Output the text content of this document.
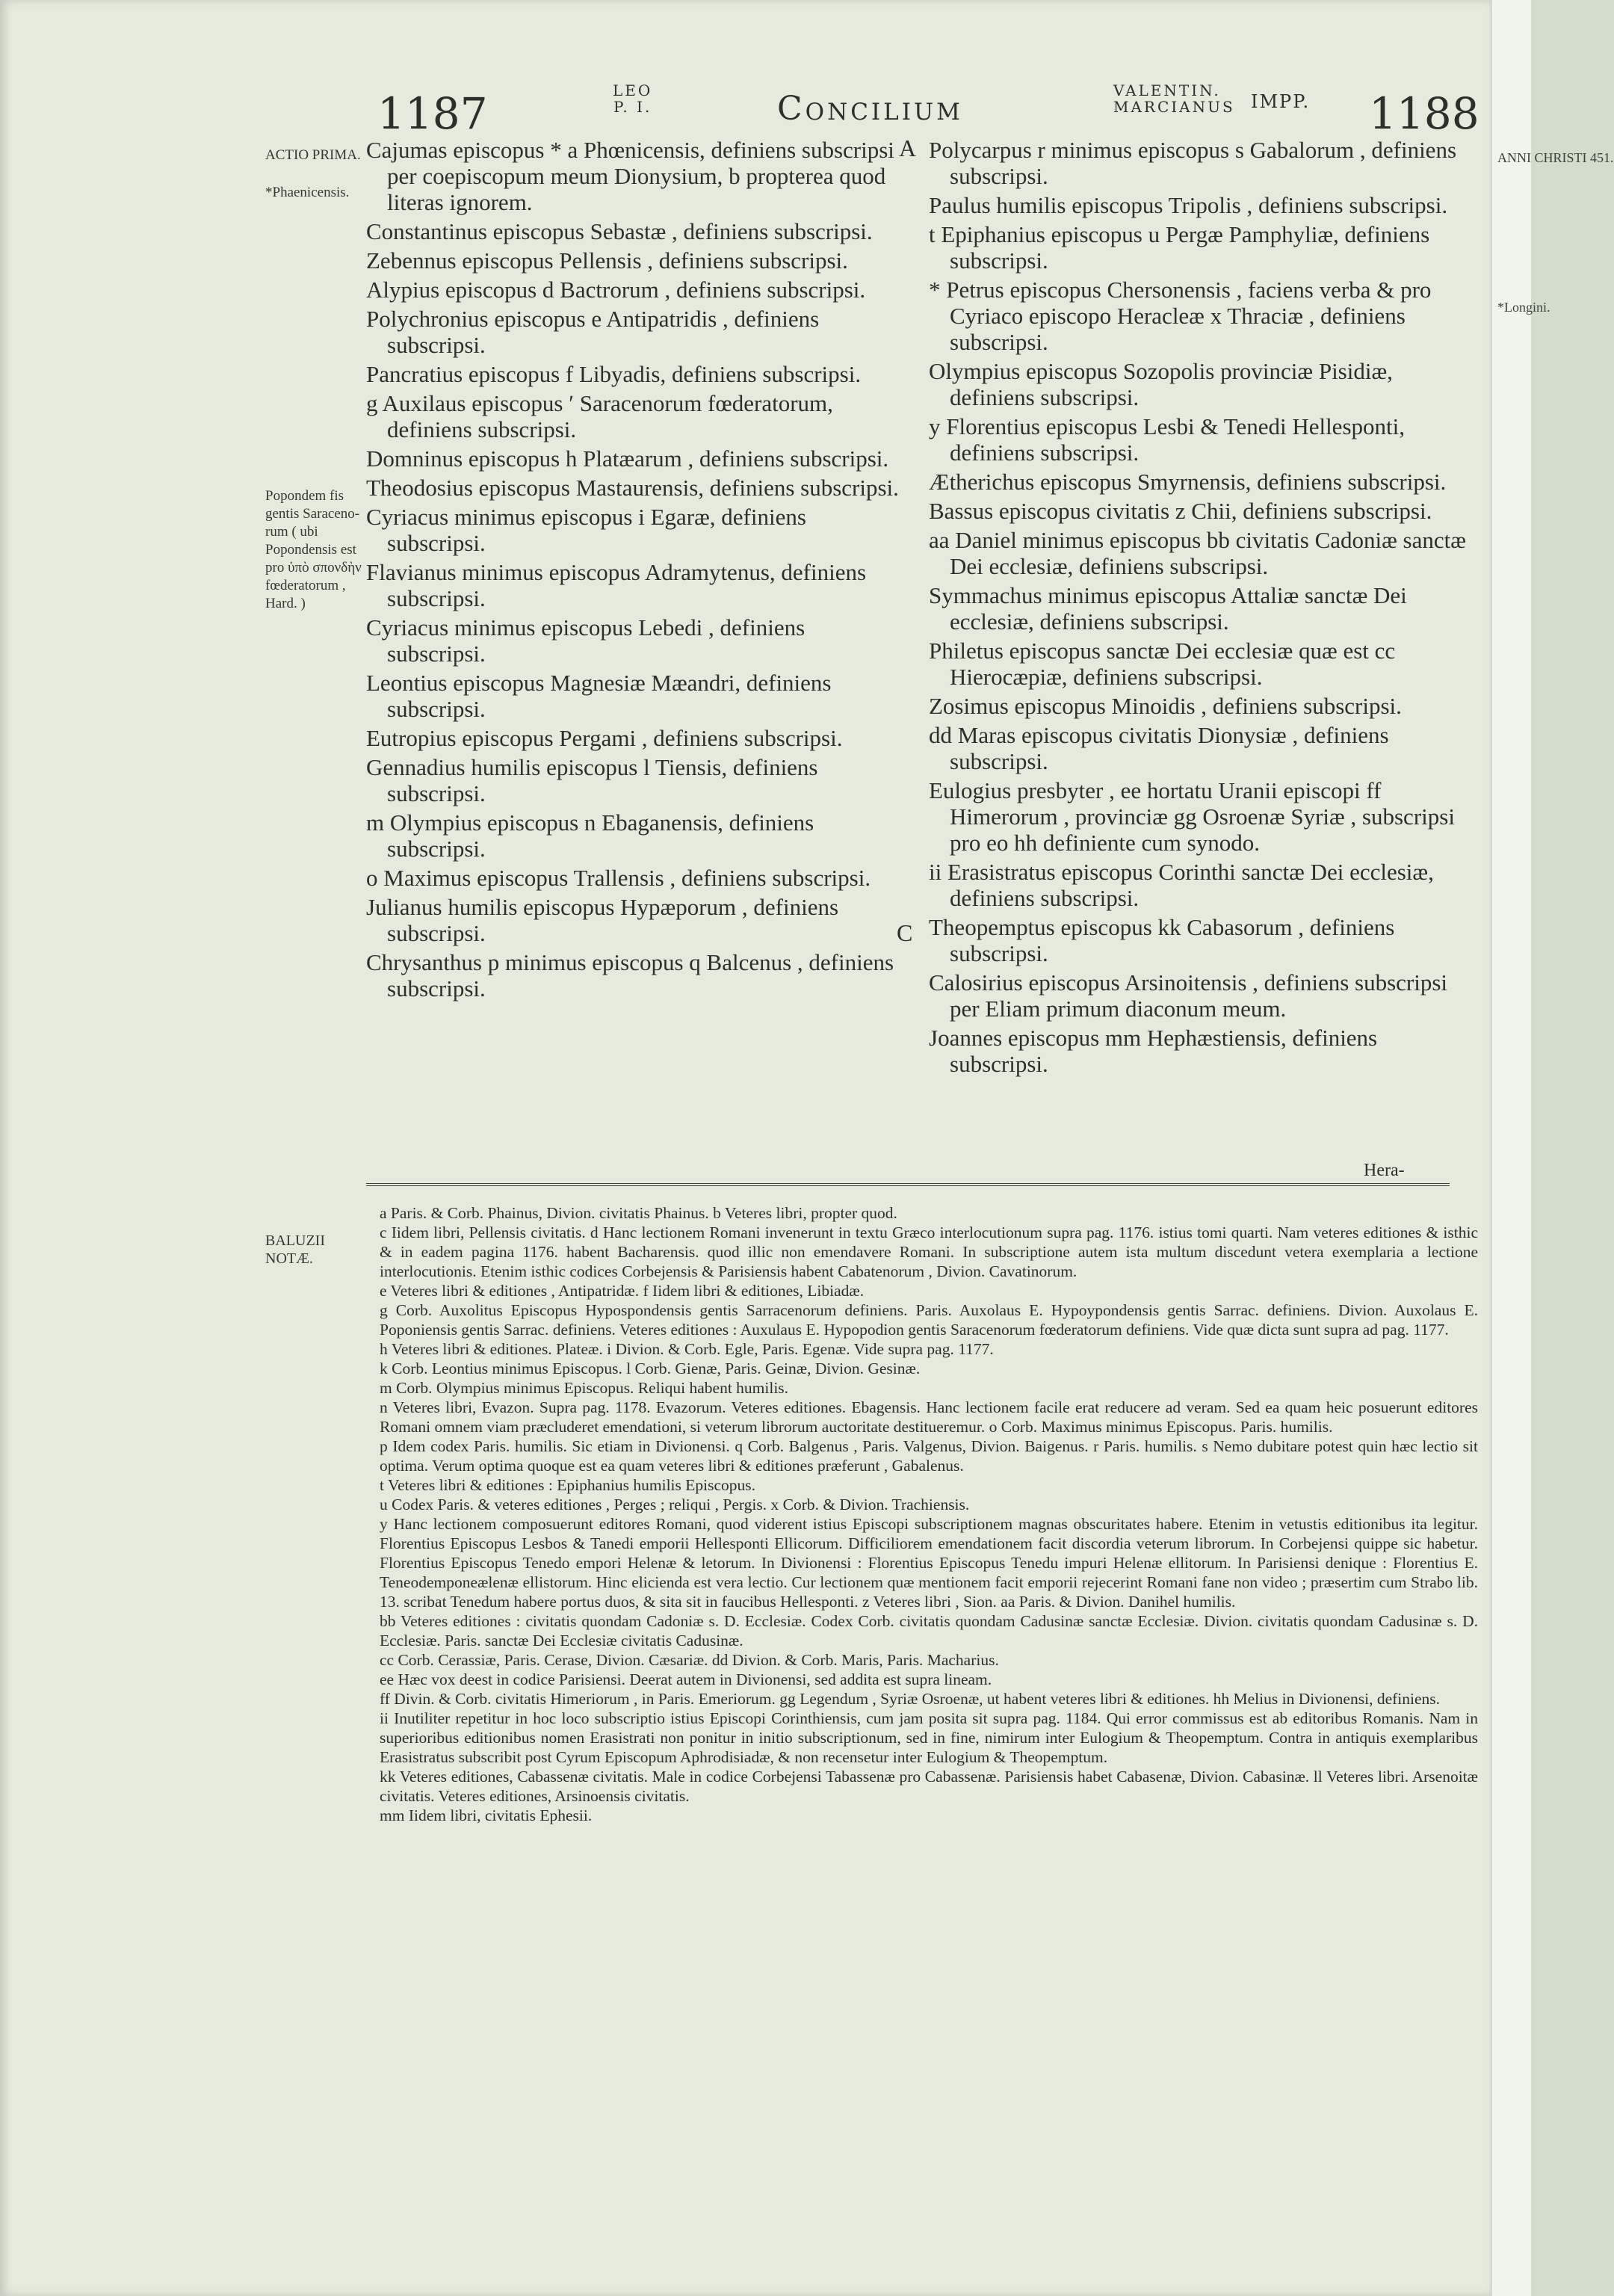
1187	LEO
P. I.	Concilium	VALENTIN.
MARCIANUS IMPP. 1188
ACTIO PRIMA.
*Phaenicensis.
Popondem fis gentis Saraceno- rum ( ubi Popondensis est pro ὑπὸ σπονδὴν fœderatorum , Hard. )
BALUZII NOTÆ.
A
C

Cajumas episcopus * a Phœnicensis, definiens subscripsi per coepiscopum meum Dionysium, b propterea quod literas ignorem.

Constantinus episcopus Sebastæ , definiens subscripsi.

Zebennus episcopus Pellensis , definiens subscripsi.

Alypius episcopus d Bactrorum , definiens subscripsi.

Polychronius episcopus e Antipatridis , definiens subscripsi.

Pancratius episcopus f Libyadis, definiens subscripsi.

g Auxilaus episcopus ʹ Saracenorum fœderatorum, definiens subscripsi.

Domninus episcopus h Platæarum , definiens subscripsi.

Theodosius episcopus Mastaurensis, definiens subscripsi.

Cyriacus minimus episcopus i Egaræ, definiens subscripsi.

Flavianus minimus episcopus Adramytenus, definiens subscripsi.

Cyriacus minimus episcopus Lebedi , definiens subscripsi.

Leontius episcopus Magnesiæ Mæandri, definiens subscripsi.

Eutropius episcopus Pergami , definiens subscripsi.

Gennadius humilis episcopus l Tiensis, definiens subscripsi.

m Olympius episcopus n Ebaganensis, definiens subscripsi.

o Maximus episcopus Trallensis , definiens subscripsi.

Julianus humilis episcopus Hypæporum , definiens subscripsi.

Chrysanthus p minimus episcopus q Balcenus , definiens subscripsi.

Polycarpus r minimus episcopus s Gabalorum , definiens subscripsi.

Paulus humilis episcopus Tripolis , definiens subscripsi.

t Epiphanius episcopus u Pergæ Pamphyliæ, definiens subscripsi.

* Petrus episcopus Chersonensis , faciens verba & pro Cyriaco episcopo Heracleæ x Thraciæ , definiens subscripsi.

Olympius episcopus Sozopolis provinciæ Pisidiæ, definiens subscripsi.

y Florentius episcopus Lesbi & Tenedi Hellesponti, definiens subscripsi.

Ætherichus episcopus Smyrnensis, definiens subscripsi.

Bassus episcopus civitatis z Chii, definiens subscripsi.

aa Daniel minimus episcopus bb civitatis Cadoniæ sanctæ Dei ecclesiæ, definiens subscripsi.

Symmachus minimus episcopus Attaliæ sanctæ Dei ecclesiæ, definiens subscripsi.

Philetus episcopus sanctæ Dei ecclesiæ quæ est cc Hierocæpiæ, definiens subscripsi.

Zosimus episcopus Minoidis , definiens subscripsi.

dd Maras episcopus civitatis Dionysiæ , definiens subscripsi.

Eulogius presbyter , ee hortatu Uranii episcopi ff Himerorum , provinciæ gg Osroenæ Syriæ , subscripsi pro eo hh definiente cum synodo.

ii Erasistratus episcopus Corinthi sanctæ Dei ecclesiæ, definiens subscripsi.

Theopemptus episcopus kk Cabasorum , definiens subscripsi.

Calosirius episcopus Arsinoitensis , definiens subscripsi per Eliam primum diaconum meum.

Joannes episcopus mm Hephæstiensis, definiens subscripsi.

Hera-

a Paris. & Corb. Phainus, Divion. civitatis Phainus. b Veteres libri, propter quod.

c Iidem libri, Pellensis civitatis. d Hanc lectionem Romani invenerunt in textu Græco interlocutionum supra pag. 1176. istius tomi quarti. Nam veteres editiones & isthic & in eadem pagina 1176. habent Bacharensis. quod illic non emendavere Romani. In subscriptione autem ista multum discedunt vetera exemplaria a lectione interlocutionis. Etenim isthic codices Corbejensis & Parisiensis habent Cabatenorum , Divion. Cavatinorum.

e Veteres libri & editiones , Antipatridæ. f Iidem libri & editiones, Libiadæ.

g Corb. Auxolitus Episcopus Hypospondensis gentis Sarracenorum definiens. Paris. Auxolaus E. Hypoypondensis gentis Sarrac. definiens. Divion. Auxolaus E. Poponiensis gentis Sarrac. definiens. Veteres editiones : Auxulaus E. Hypopodion gentis Saracenorum fœderatorum definiens. Vide quæ dicta sunt supra ad pag. 1177.

h Veteres libri & editiones. Plateæ. i Divion. & Corb. Egle, Paris. Egenæ. Vide supra pag. 1177.

k Corb. Leontius minimus Episcopus. l Corb. Gienæ, Paris. Geinæ, Divion. Gesinæ.

m Corb. Olympius minimus Episcopus. Reliqui habent humilis.

n Veteres libri, Evazon. Supra pag. 1178. Evazorum. Veteres editiones. Ebagensis. Hanc lectionem facile erat reducere ad veram. Sed ea quam heic posuerunt editores Romani omnem viam præcluderet emendationi, si veterum librorum auctoritate destitueremur. o Corb. Maximus minimus Episcopus. Paris. humilis.

p Idem codex Paris. humilis. Sic etiam in Divionensi. q Corb. Balgenus , Paris. Valgenus, Divion. Baigenus. r Paris. humilis. s Nemo dubitare potest quin hæc lectio sit optima. Verum optima quoque est ea quam veteres libri & editiones præferunt , Gabalenus.

t Veteres libri & editiones : Epiphanius humilis Episcopus.

u Codex Paris. & veteres editiones , Perges ; reliqui , Pergis. x Corb. & Divion. Trachiensis.

y Hanc lectionem composuerunt editores Romani, quod viderent istius Episcopi subscriptionem magnas obscuritates habere. Etenim in vetustis editionibus ita legitur. Florentius Episcopus Lesbos & Tanedi emporii Hellesponti Ellicorum. Difficiliorem emendationem facit discordia veterum librorum. In Corbejensi quippe sic habetur. Florentius Episcopus Tenedo empori Helenæ & letorum. In Divionensi : Florentius Episcopus Tenedu impuri Helenæ ellitorum. In Parisiensi denique : Florentius E. Teneodemponeælenæ ellistorum. Hinc elicienda est vera lectio. Cur lectionem quæ mentionem facit emporii rejecerint Romani fane non video ; præsertim cum Strabo lib. 13. scribat Tenedum habere portus duos, & sita sit in faucibus Hellesponti. z Veteres libri , Sion. aa Paris. & Divion. Danihel humilis.

bb Veteres editiones : civitatis quondam Cadoniæ s. D. Ecclesiæ. Codex Corb. civitatis quondam Cadusinæ sanctæ Ecclesiæ. Divion. civitatis quondam Cadusinæ s. D. Ecclesiæ. Paris. sanctæ Dei Ecclesiæ civitatis Cadusinæ.

cc Corb. Cerassiæ, Paris. Cerase, Divion. Cæsariæ. dd Divion. & Corb. Maris, Paris. Macharius.

ee Hæc vox deest in codice Parisiensi. Deerat autem in Divionensi, sed addita est supra lineam.

ff Divin. & Corb. civitatis Himeriorum , in Paris. Emeriorum. gg Legendum , Syriæ Osroenæ, ut habent veteres libri & editiones. hh Melius in Divionensi, definiens.

ii Inutiliter repetitur in hoc loco subscriptio istius Episcopi Corinthiensis, cum jam posita sit supra pag. 1184. Qui error commissus est ab editoribus Romanis. Nam in superioribus editionibus nomen Erasistrati non ponitur in initio subscriptionum, sed in fine, nimirum inter Eulogium & Theopemptum. Contra in antiquis exemplaribus Erasistratus subscribit post Cyrum Episcopum Aphrodisiadæ, & non recensetur inter Eulogium & Theopemptum.

kk Veteres editiones, Cabassenæ civitatis. Male in codice Corbejensi Tabassenæ pro Cabassenæ. Parisiensis habet Cabasenæ, Divion. Cabasinæ. ll Veteres libri. Arsenoitæ civitatis. Veteres editiones, Arsinoensis civitatis.

mm Iidem libri, civitatis Ephesii.

ANNI CHRISTI 451.
*Longini.
